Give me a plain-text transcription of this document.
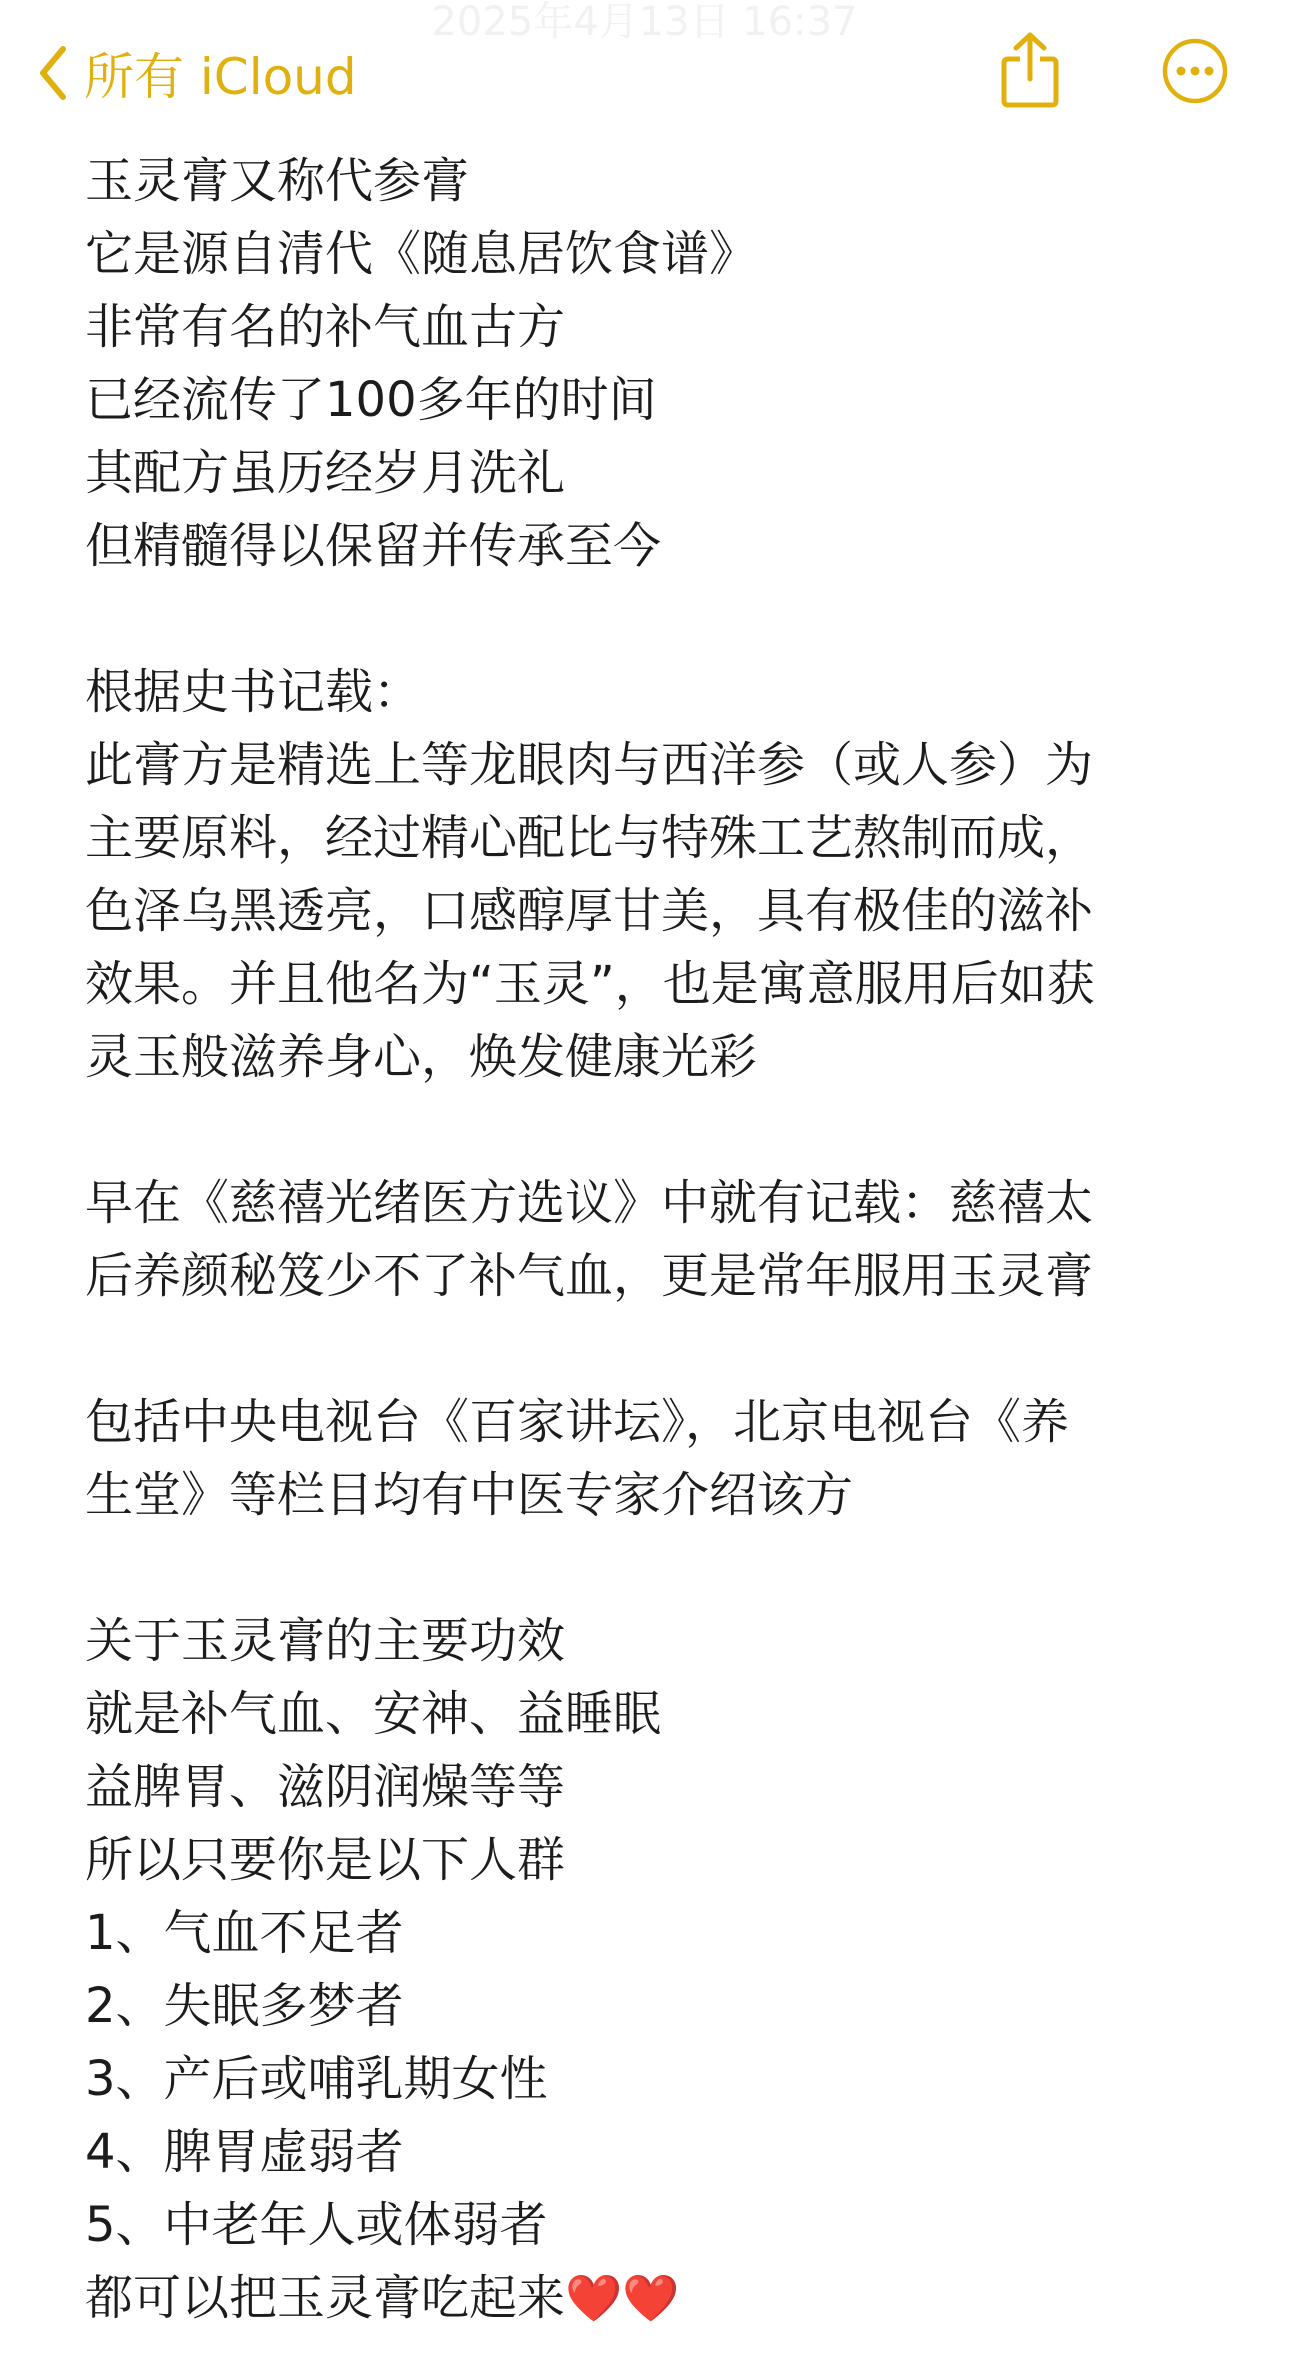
2025年4月13日 16:37
所有 iCloud
玉灵膏又称代参膏
它是源自清代《随息居饮食谱》
非常有名的补气血古方
已经流传了100多年的时间
其配方虽历经岁月洗礼
但精髓得以保留并传承至今
根据史书记载：
此膏方是精选上等龙眼肉与西洋参（或人参）为
主要原料，经过精心配比与特殊工艺熬制而成，
色泽乌黑透亮，口感醇厚甘美，具有极佳的滋补
效果。并且他名为“玉灵”，也是寓意服用后如获
灵玉般滋养身心，焕发健康光彩
早在《慈禧光绪医方选议》中就有记载：慈禧太
后养颜秘笈少不了补气血，更是常年服用玉灵膏
包括中央电视台《百家讲坛》，北京电视台《养
生堂》等栏目均有中医专家介绍该方
关于玉灵膏的主要功效
就是补气血、安神、益睡眠
益脾胃、滋阴润燥等等
所以只要你是以下人群
1、气血不足者
2、失眠多梦者
3、产后或哺乳期女性
4、脾胃虚弱者
5、中老年人或体弱者
都可以把玉灵膏吃起来❤️❤️
